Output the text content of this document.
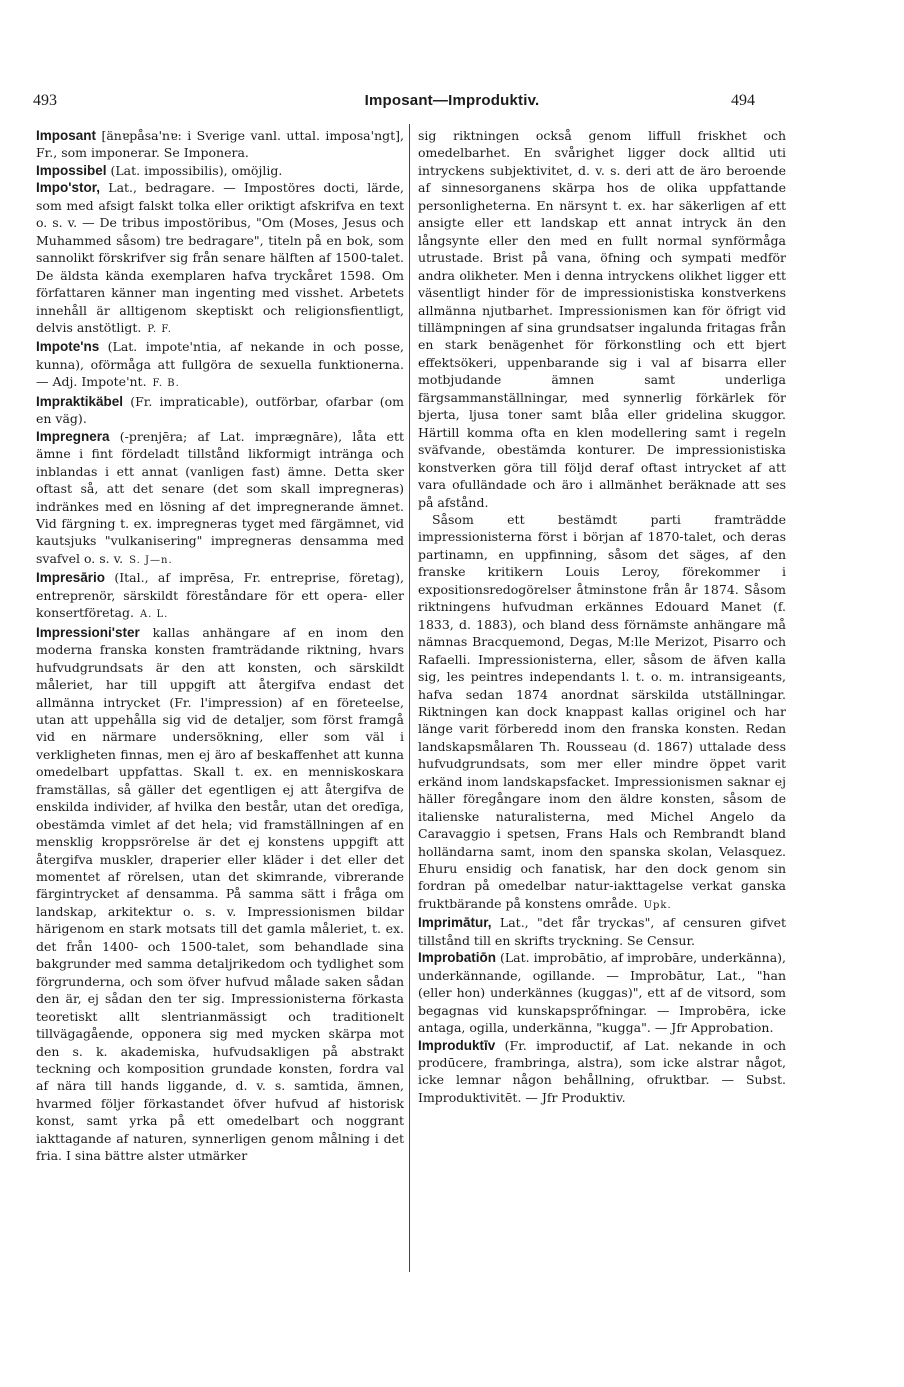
493	Imposant—Improduktiv.	494

Imposant [änɐpåsa'nɐ: i Sverige vanl. uttal. imposa'ngt], Fr., som imponerar. Se Imponera.

Impossibel (Lat. impossibilis), omöjlig.

Impo'stor, Lat., bedragare. — Impostöres docti, lärde, som med afsigt falskt tolka eller oriktigt afskrifva en text o. s. v. — De tribus impostöribus, "Om (Moses, Jesus och Muhammed såsom) tre bedragare", titeln på en bok, som sannolikt förskrifver sig från senare hälften af 1500-talet. De äldsta kända exemplaren hafva tryckåret 1598. Om författaren känner man ingenting med visshet. Arbetets innehåll är alltigenom skeptiskt och religionsfientligt, delvis anstötligt. P. F.

Impote'ns (Lat. impote'ntia, af nekande in och posse, kunna), oförmåga att fullgöra de sexuella funktionerna. — Adj. Impote'nt. F. B.

Impraktikäbel (Fr. impraticable), outförbar, ofarbar (om en väg).

Impregnera (-prenjēra; af Lat. imprægnāre), låta ett ämne i fint fördeladt tillstånd likformigt intränga och inblandas i ett annat (vanligen fast) ämne. Detta sker oftast så, att det senare (det som skall impregneras) indränkes med en lösning af det impregnerande ämnet. Vid färgning t. ex. impregneras tyget med färgämnet, vid kautsjuks "vulkanisering" impregneras densamma med svafvel o. s. v. S. J—n.

Impresārio (Ital., af imprēsa, Fr. entreprise, företag), entreprenör, särskildt föreståndare för ett opera- eller konsertföretag. A. L.

Impressioni'ster kallas anhängare af en inom den moderna franska konsten framträdande riktning, hvars hufvudgrundsats är den att konsten, och särskildt måleriet, har till uppgift att återgifva endast det allmänna intrycket (Fr. l'impression) af en företeelse, utan att uppehålla sig vid de detaljer, som först framgå vid en närmare undersökning, eller som väl i verkligheten finnas, men ej äro af beskaffenhet att kunna omedelbart uppfattas. Skall t. ex. en menniskoskara framställas, så gäller det egentligen ej att återgifva de enskilda individer, af hvilka den består, utan det oredīga, obestämda vimlet af det hela; vid framställningen af en mensklig kroppsrörelse är det ej konstens uppgift att återgifva muskler, draperier eller kläder i det eller det momentet af rörelsen, utan det skimrande, vibrerande färgintrycket af densamma. På samma sätt i fråga om landskap, arkitektur o. s. v. Impressionismen bildar härigenom en stark motsats till det gamla måleriet, t. ex. det från 1400- och 1500-talet, som behandlade sina bakgrunder med samma detaljrikedom och tydlighet som förgrunderna, och som öfver hufvud målade saken sådan den är, ej sådan den ter sig. Impressionisterna förkasta teoretiskt allt slentrianmässigt och traditionelt tillvägagående, opponera sig med mycken skärpa mot den s. k. akademiska, hufvudsakligen på abstrakt teckning och komposition grundade konsten, fordra val af nära till hands liggande, d. v. s. samtida, ämnen, hvarmed följer förkastandet öfver hufvud af historisk konst, samt yrka på ett omedelbart och noggrant iakttagande af naturen, synnerligen genom målning i det fria. I sina bättre alster utmärker

sig riktningen också genom liffull friskhet och omedelbarhet. En svårighet ligger dock alltid uti intryckens subjektivitet, d. v. s. deri att de äro beroende af sinnesorganens skärpa hos de olika uppfattande personligheterna. En närsynt t. ex. har säkerligen af ett ansigte eller ett landskap ett annat intryck än den långsynte eller den med en fullt normal synförmåga utrustade. Brist på vana, öfning och sympati medför andra olikheter. Men i denna intryckens olikhet ligger ett väsentligt hinder för de impressionistiska konstverkens allmänna njutbarhet. Impressionismen kan för öfrigt vid tillämpningen af sina grundsatser ingalunda fritagas från en stark benägenhet för förkonstling och ett bjert effektsökeri, uppenbarande sig i val af bisarra eller motbjudande ämnen samt underliga färgsammanställningar, med synnerlig förkärlek för bjerta, ljusa toner samt blåa eller gridelina skuggor. Härtill komma ofta en klen modellering samt i regeln sväfvande, obestämda konturer. De impressionistiska konstverken göra till följd deraf oftast intrycket af att vara ofulländade och äro i allmänhet beräknade att ses på afstånd.

Såsom ett bestämdt parti framträdde impressionisterna först i början af 1870-talet, och deras partinamn, en uppfinning, såsom det säges, af den franske kritikern Louis Leroy, förekommer i expositionsredogörelser åtminstone från år 1874. Såsom riktningens hufvudman erkännes Edouard Manet (f. 1833, d. 1883), och bland dess förnämste anhängare må nämnas Bracquemond, Degas, M:lle Merizot, Pisarro och Rafaelli. Impressionisterna, eller, såsom de äfven kalla sig, les peintres independants l. t. o. m. intransigeants, hafva sedan 1874 anordnat särskilda utställningar. Riktningen kan dock knappast kallas originel och har länge varit förberedd inom den franska konsten. Redan landskapsmålaren Th. Rousseau (d. 1867) uttalade dess hufvudgrundsats, som mer eller mindre öppet varit erkänd inom landskapsfacket. Impressionismen saknar ej häller föregångare inom den äldre konsten, såsom de italienske naturalisterna, med Michel Angelo da Caravaggio i spetsen, Frans Hals och Rembrandt bland holländarna samt, inom den spanska skolan, Velasquez. Ehuru ensidig och fanatisk, har den dock genom sin fordran på omedelbar natur-iakttagelse verkat ganska fruktbärande på konstens område. Upk.

Imprimātur, Lat., "det får tryckas", af censuren gifvet tillstånd till en skrifts tryckning. Se Censur.

Improbatiōn (Lat. improbātio, af improbāre, underkänna), underkännande, ogillande. — Improbātur, Lat., "han (eller hon) underkännes (kuggas)", ett af de vitsord, som begagnas vid kunskapsprőfningar. — Improbēra, icke antaga, ogilla, underkänna, "kugga". — Jfr Approbation.

Improduktīv (Fr. improductif, af Lat. nekande in och prodūcere, frambringa, alstra), som icke alstrar något, icke lemnar någon behållning, ofruktbar. — Subst. Improduktivitēt. — Jfr Produktiv.
